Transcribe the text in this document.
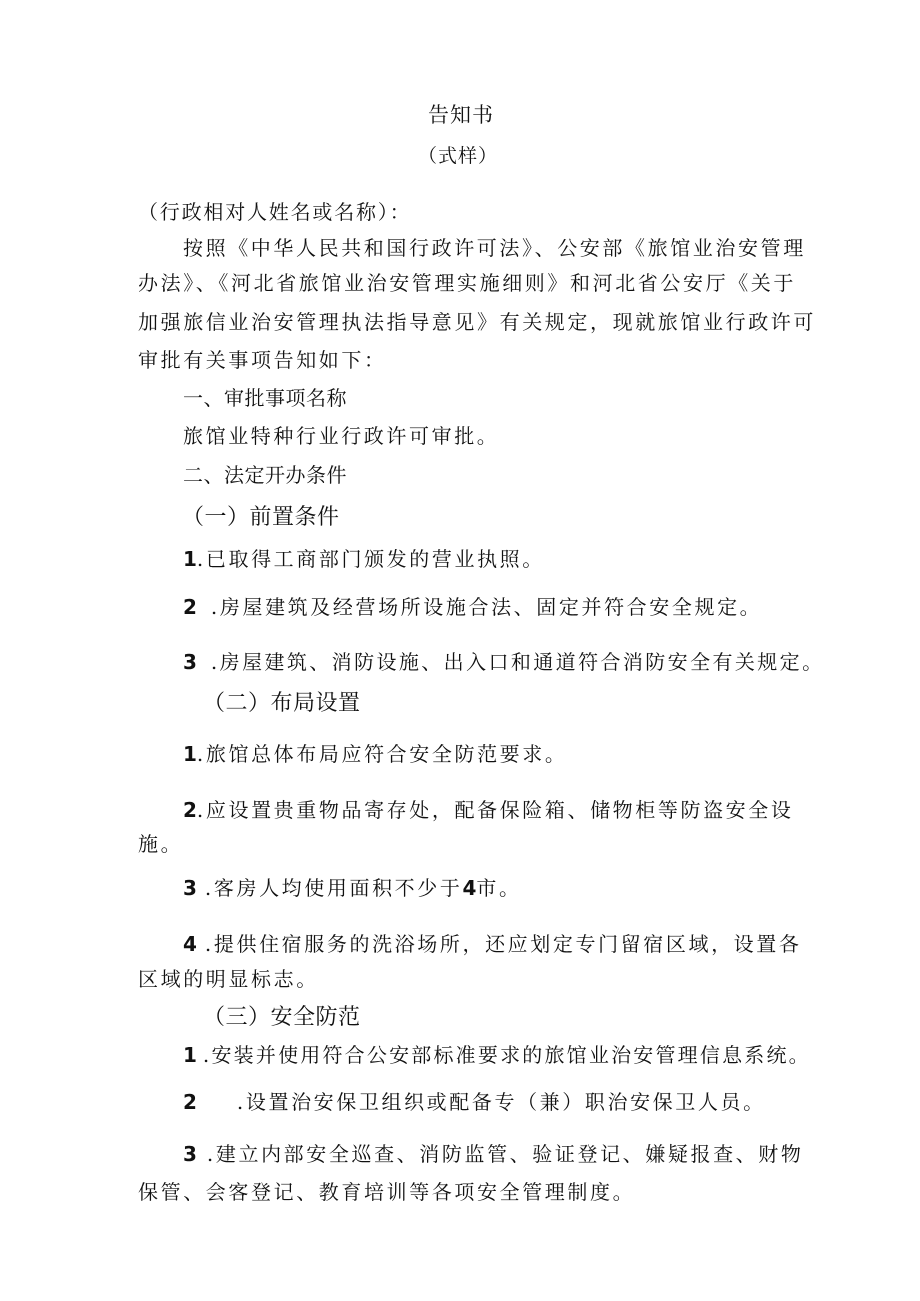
告知书
（式样）
（行政相对人姓名或名称）：
按照《中华人民共和国行政许可法》、公安部《旅馆业治安管理
办法》、《河北省旅馆业治安管理实施细则》和河北省公安厅《关于
加强旅信业治安管理执法指导意见》有关规定，现就旅馆业行政许可
审批有关事项告知如下：
一、审批事项名称
旅馆业特种行业行政许可审批。
二、法定开办条件
（一）前置条件
1.已取得工商部门颁发的营业执照。
2 .房屋建筑及经营场所设施合法、固定并符合安全规定。
3 .房屋建筑、消防设施、出入口和通道符合消防安全有关规定。
（二）布局设置
1.旅馆总体布局应符合安全防范要求。
2.应设置贵重物品寄存处，配备保险箱、储物柜等防盗安全设
施。
3 .客房人均使用面积不少于4市。
4 .提供住宿服务的洗浴场所，还应划定专门留宿区域，设置各
区域的明显标志。
（三）安全防范
1 .安装并使用符合公安部标准要求的旅馆业治安管理信息系统。
2 .设置治安保卫组织或配备专（兼）职治安保卫人员。
3 .建立内部安全巡查、消防监管、验证登记、嫌疑报查、财物
保管、会客登记、教育培训等各项安全管理制度。
